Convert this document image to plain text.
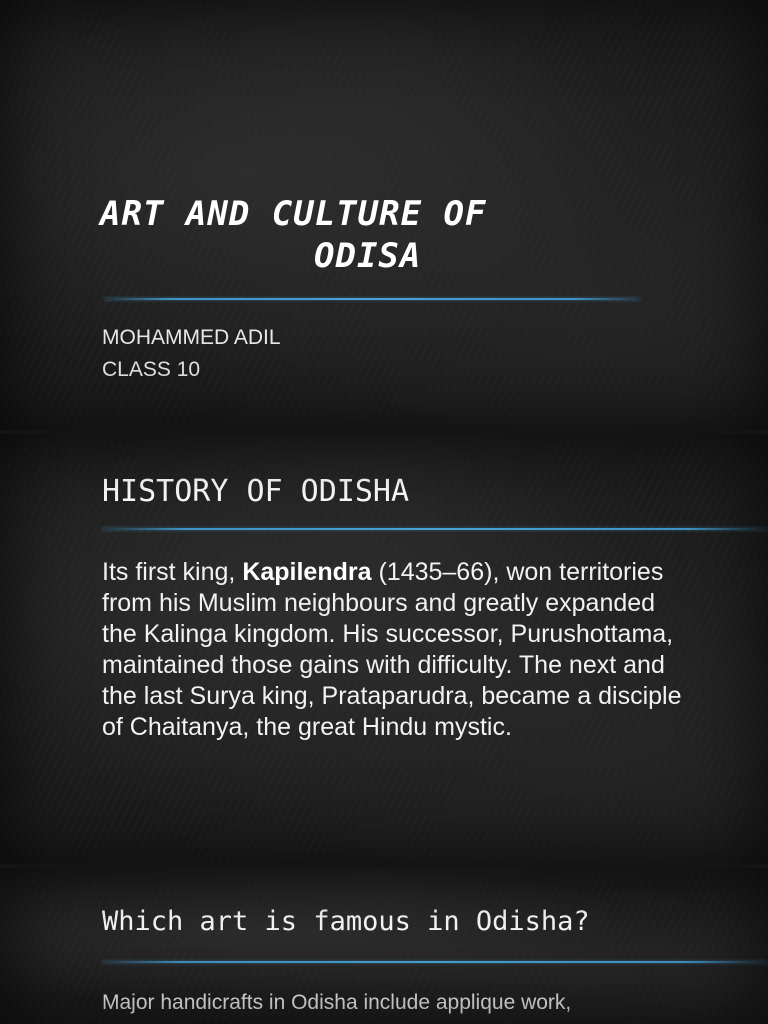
ART AND CULTURE OF
ODISA
MOHAMMED ADIL
CLASS 10
HISTORY OF ODISHA

Its first king, Kapilendra (1435–66), won territories from his Muslim neighbours and greatly expanded the Kalinga kingdom. His successor, Purushottama, maintained those gains with difficulty. The next and the last Surya king, Prataparudra, became a disciple of Chaitanya, the great Hindu mystic.

Which art is famous in Odisha?

Major handicrafts in Odisha include applique work,
